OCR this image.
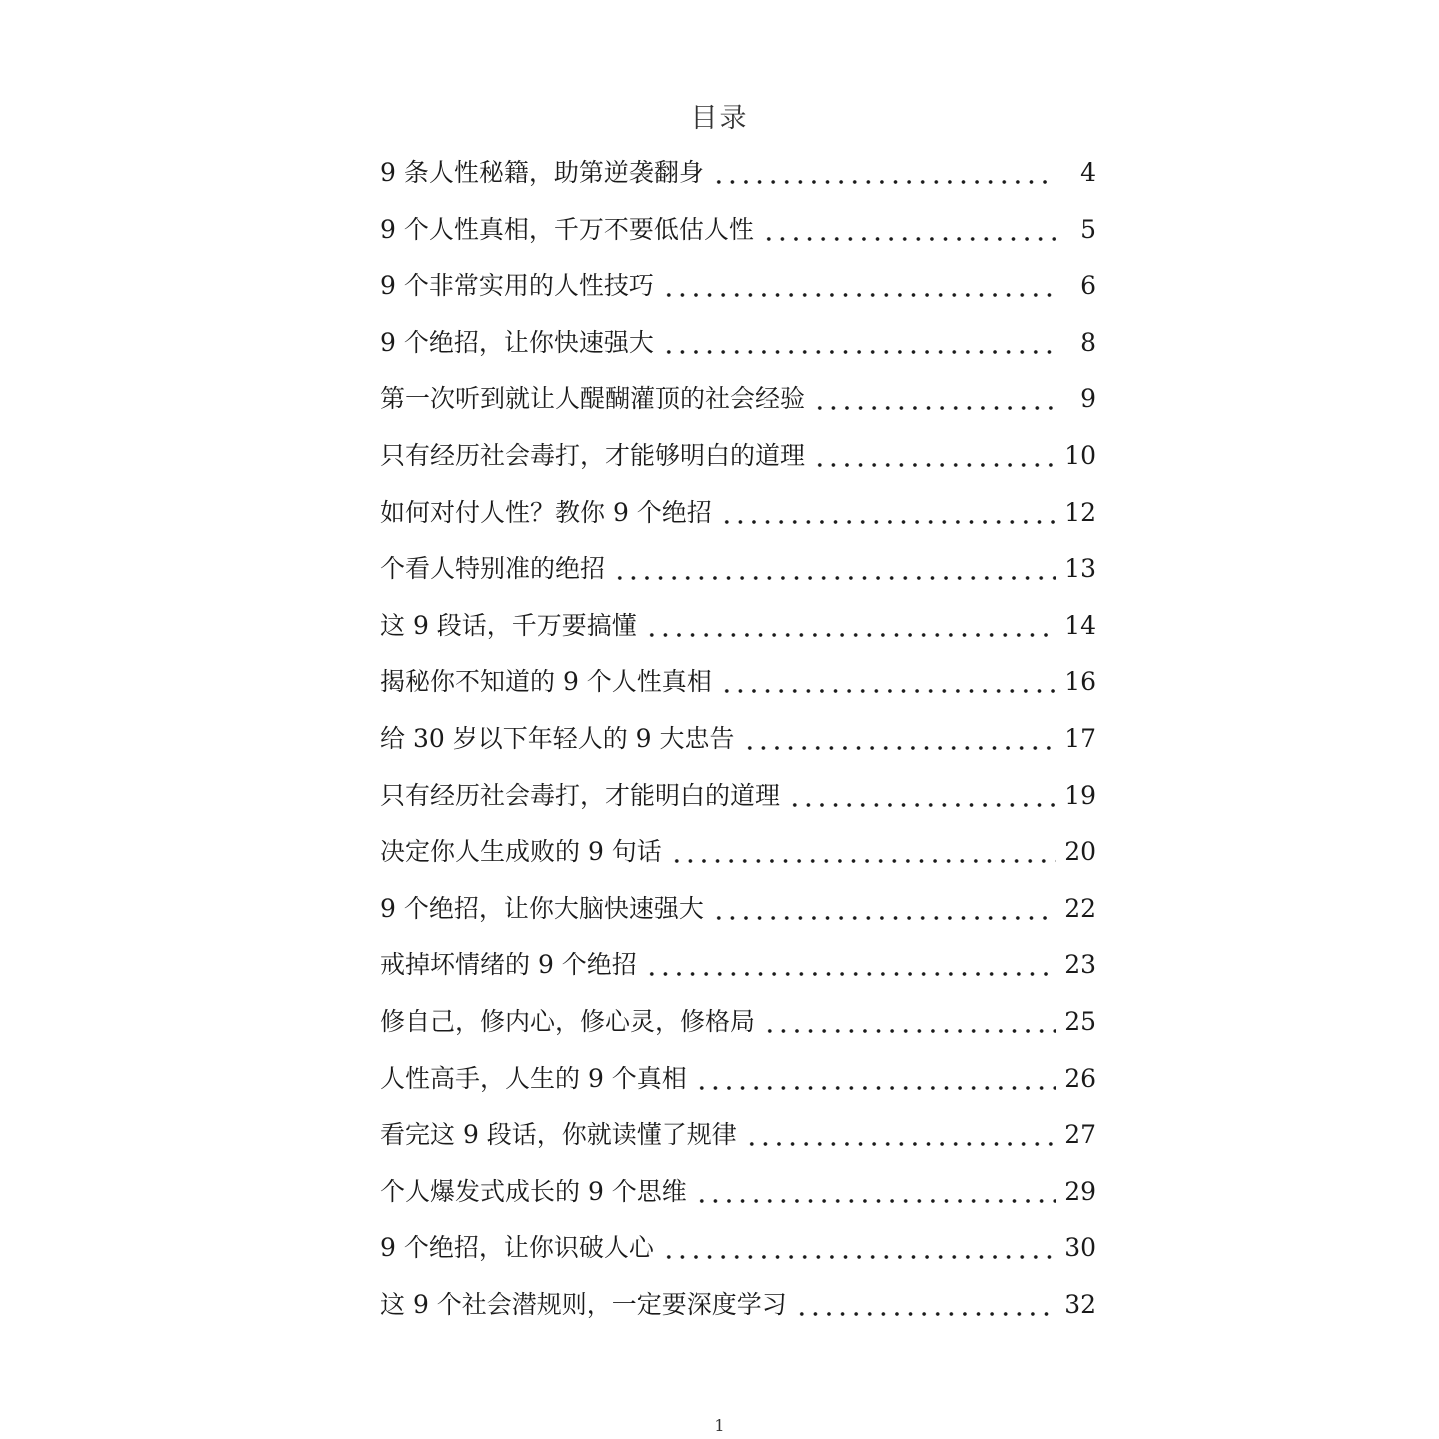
目录
9 条人性秘籍，助第逆袭翻身	4
9 个人性真相，千万不要低估人性	5
9 个非常实用的人性技巧	6
9 个绝招，让你快速强大	8
第一次听到就让人醍醐灌顶的社会经验	9
只有经历社会毒打，才能够明白的道理	10
如何对付人性？教你 9 个绝招	12
个看人特别准的绝招	13
这 9 段话，千万要搞懂	14
揭秘你不知道的 9 个人性真相	16
给 30 岁以下年轻人的 9 大忠告	17
只有经历社会毒打，才能明白的道理	19
决定你人生成败的 9 句话	20
9 个绝招，让你大脑快速强大	22
戒掉坏情绪的 9 个绝招	23
修自己，修内心，修心灵，修格局	25
人性高手，人生的 9 个真相	26
看完这 9 段话，你就读懂了规律	27
个人爆发式成长的 9 个思维	29
9 个绝招，让你识破人心	30
这 9 个社会潜规则，一定要深度学习	32
1
